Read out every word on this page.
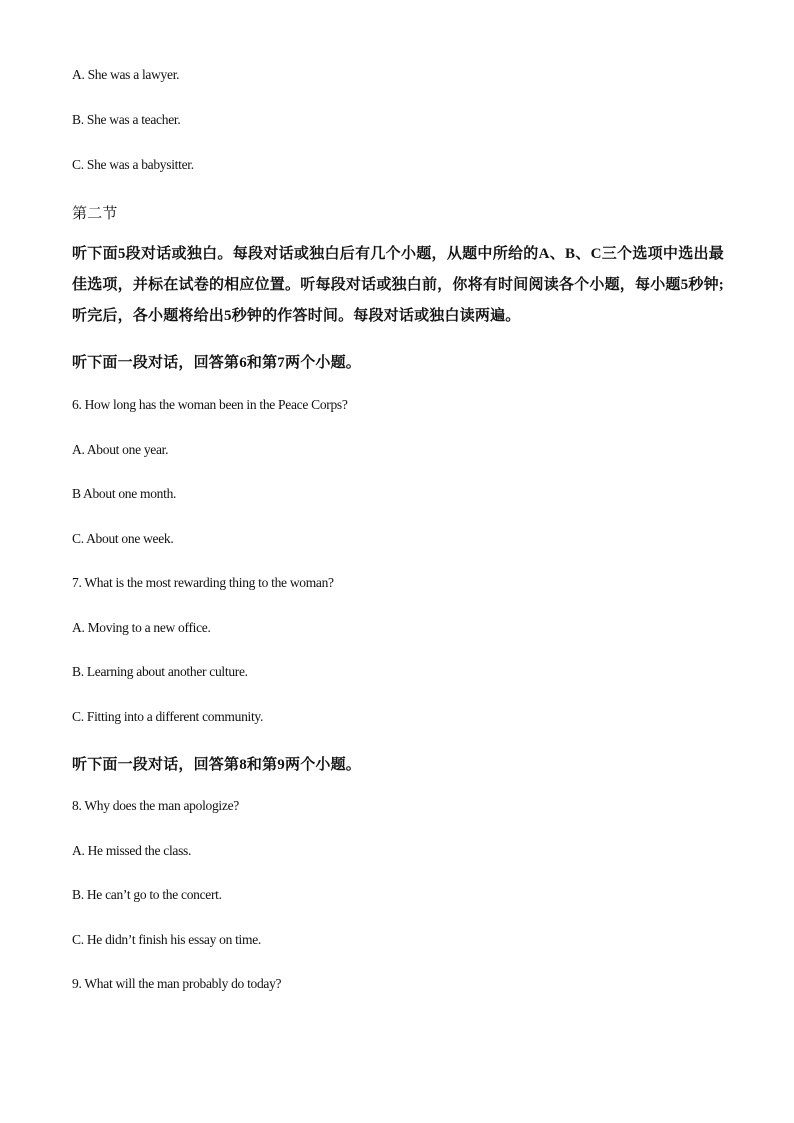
A. She was a lawyer.
B. She was a teacher.
C. She was a babysitter.
第二节
听下面5段对话或独白。每段对话或独白后有几个小题，从题中所给的A、B、C三个选项中选出最佳选项，并标在试卷的相应位置。听每段对话或独白前，你将有时间阅读各个小题，每小题5秒钟;听完后，各小题将给出5秒钟的作答时间。每段对话或独白读两遍。
听下面一段对话，回答第6和第7两个小题。
6. How long has the woman been in the Peace Corps?
A. About one year.
B About one month.
C. About one week.
7. What is the most rewarding thing to the woman?
A. Moving to a new office.
B. Learning about another culture.
C. Fitting into a different community.
听下面一段对话，回答第8和第9两个小题。
8. Why does the man apologize?
A. He missed the class.
B. He can’t go to the concert.
C. He didn’t finish his essay on time.
9. What will the man probably do today?
